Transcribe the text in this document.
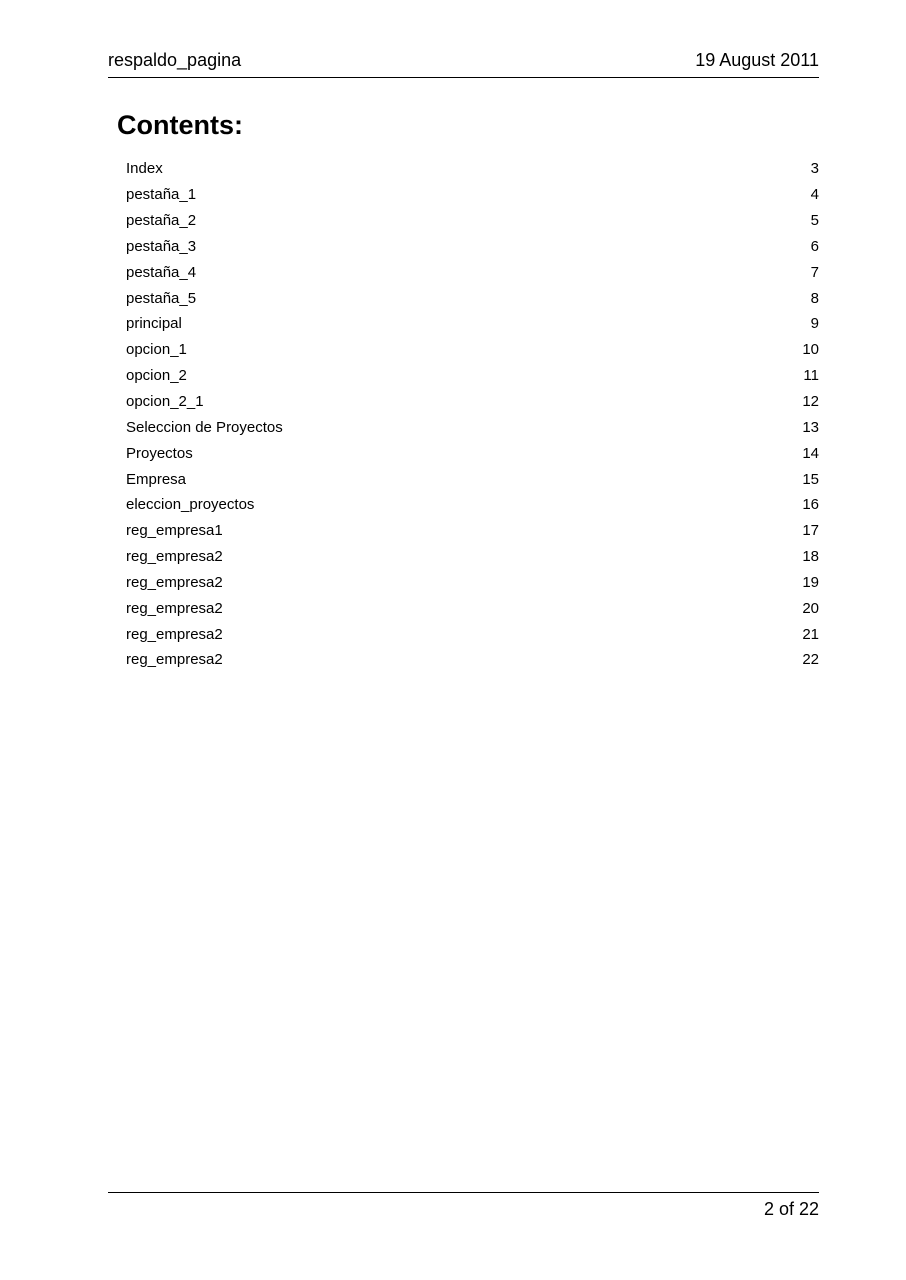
respaldo_pagina	19 August 2011
Contents:
Index	3
pestaña_1	4
pestaña_2	5
pestaña_3	6
pestaña_4	7
pestaña_5	8
principal	9
opcion_1	10
opcion_2	11
opcion_2_1	12
Seleccion de Proyectos	13
Proyectos	14
Empresa	15
eleccion_proyectos	16
reg_empresa1	17
reg_empresa2	18
reg_empresa2	19
reg_empresa2	20
reg_empresa2	21
reg_empresa2	22
2 of 22
